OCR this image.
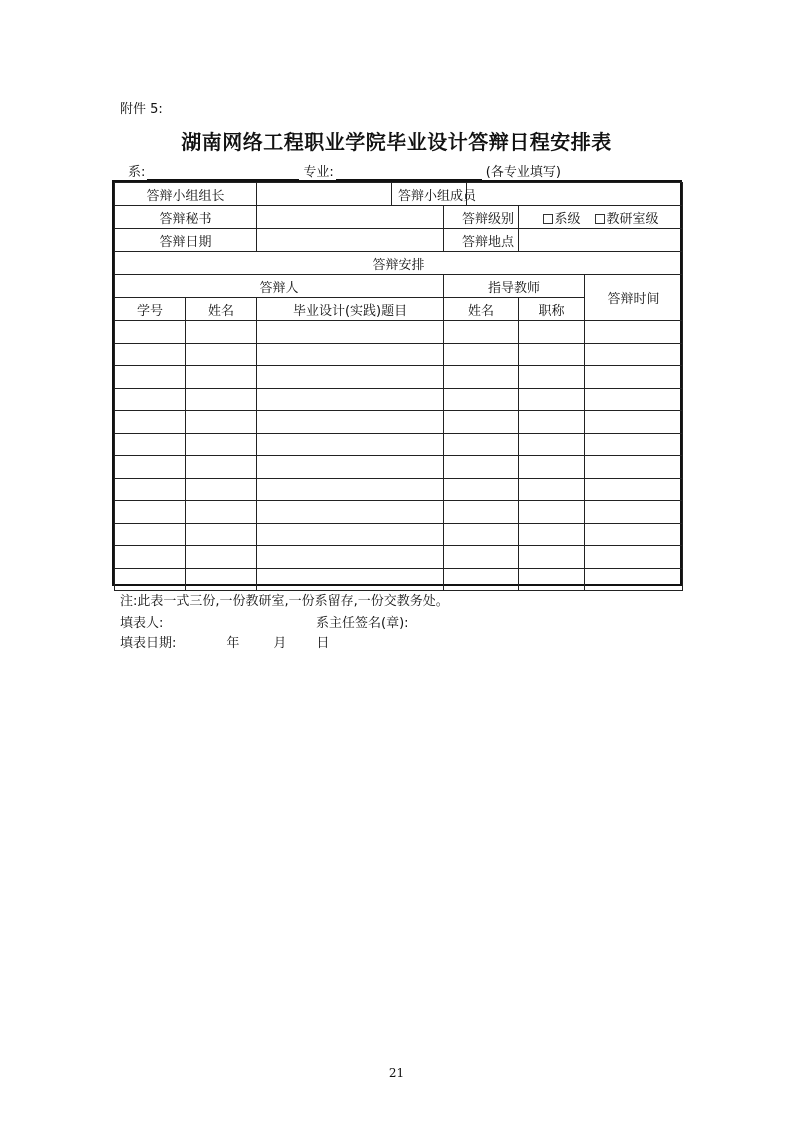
附件 5:
湖南网络工程职业学院毕业设计答辩日程安排表
系:	专业:	(各专业填写)
答辩小组组长			答辩小组成员				
答辩秘书				答辩级别		系级 教研室级	
答辩日期				答辩地点			
答辩安排							
答辩人				指导教师			答辩时间
学号	姓名	毕业设计(实践)题目		姓名		职称	

注:此表一式三份,一份教研室,一份系留存,一份交教务处。
填表人:	系主任签名(章):
填表日期:	年	月 日
21
